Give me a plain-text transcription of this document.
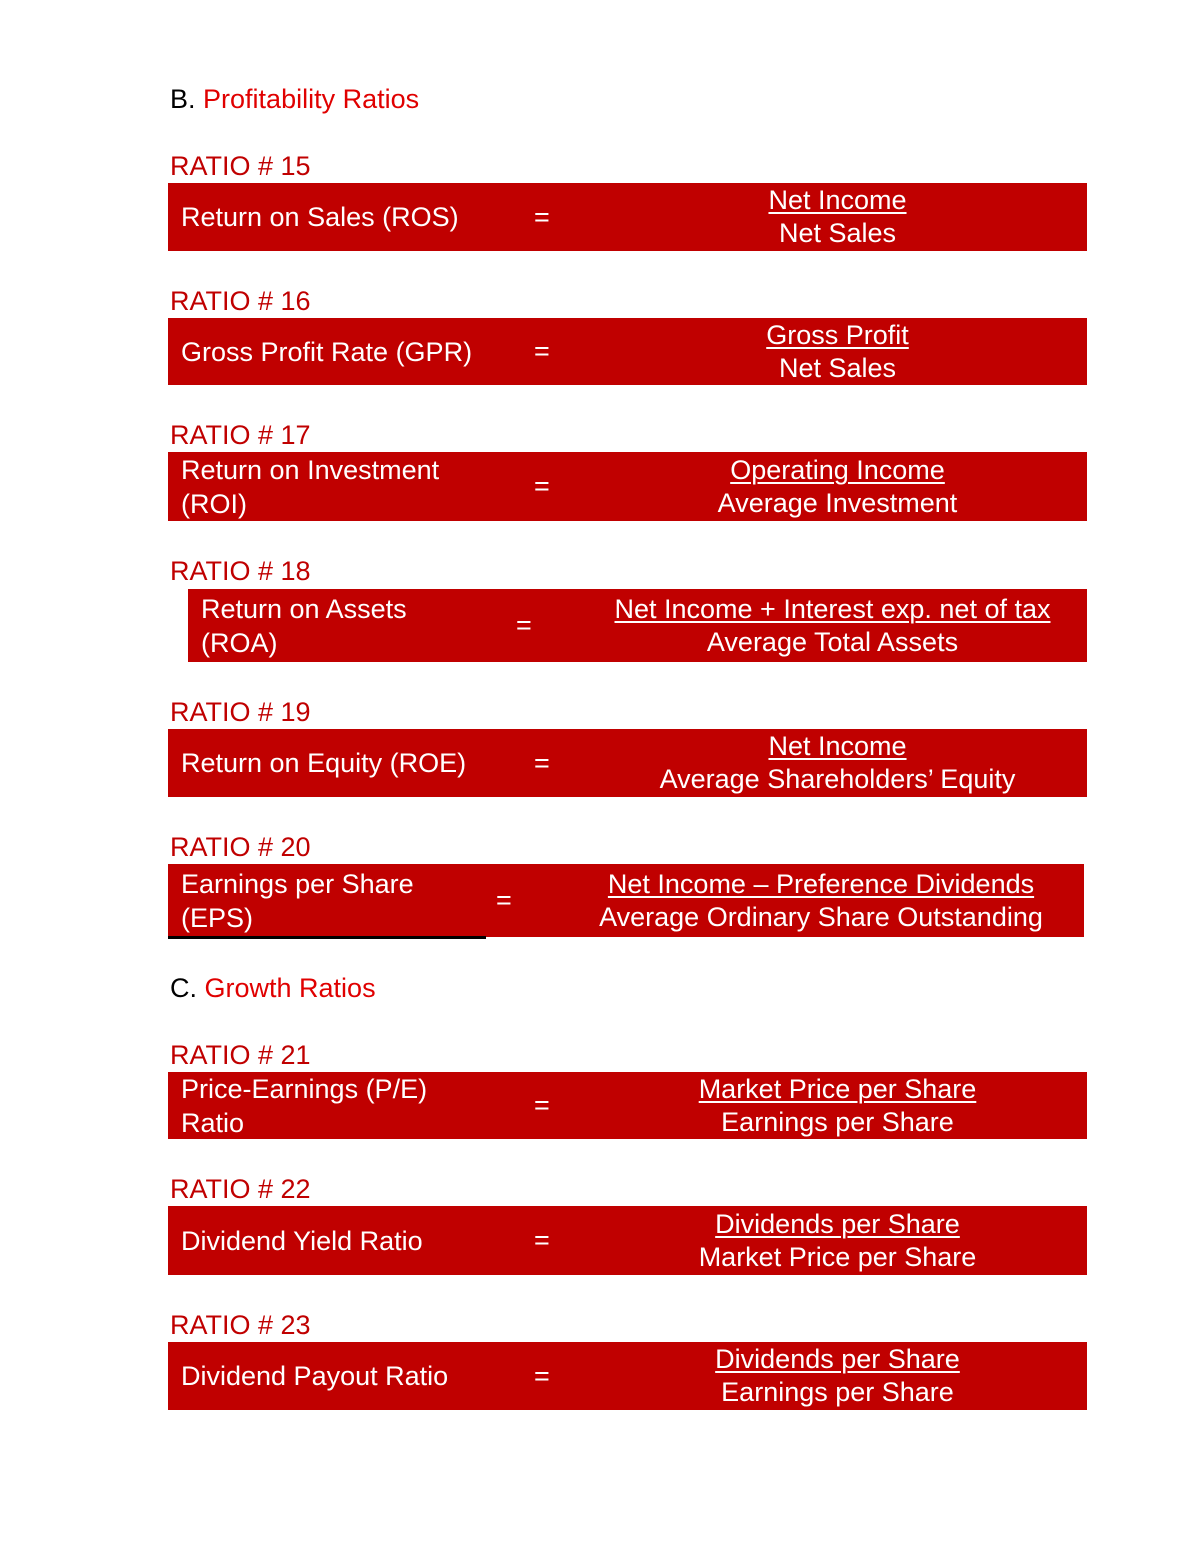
B. Profitability Ratios
RATIO # 15
Return on Sales (ROS)	=
Net Income
Net Sales
RATIO # 16
Gross Profit Rate (GPR) =
Gross Profit
Net Sales
RATIO # 17
Return on Investment
(ROI)
=
Operating Income
Average Investment
RATIO # 18
Return on Assets
(ROA)
=
Net Income + Interest exp. net of tax
Average Total Assets
RATIO # 19
Return on Equity (ROE)	=
Net Income
Average Shareholders’ Equity
RATIO # 20
Earnings per Share
(EPS)
=
Net Income – Preference Dividends
Average Ordinary Share Outstanding
C. Growth Ratios
RATIO # 21
Price-Earnings (P/E)
Ratio
=
Market Price per Share
Earnings per Share
RATIO # 22
Dividend Yield Ratio	=
Dividends per Share
Market Price per Share
RATIO # 23
Dividend Payout Ratio	=
Dividends per Share
Earnings per Share
